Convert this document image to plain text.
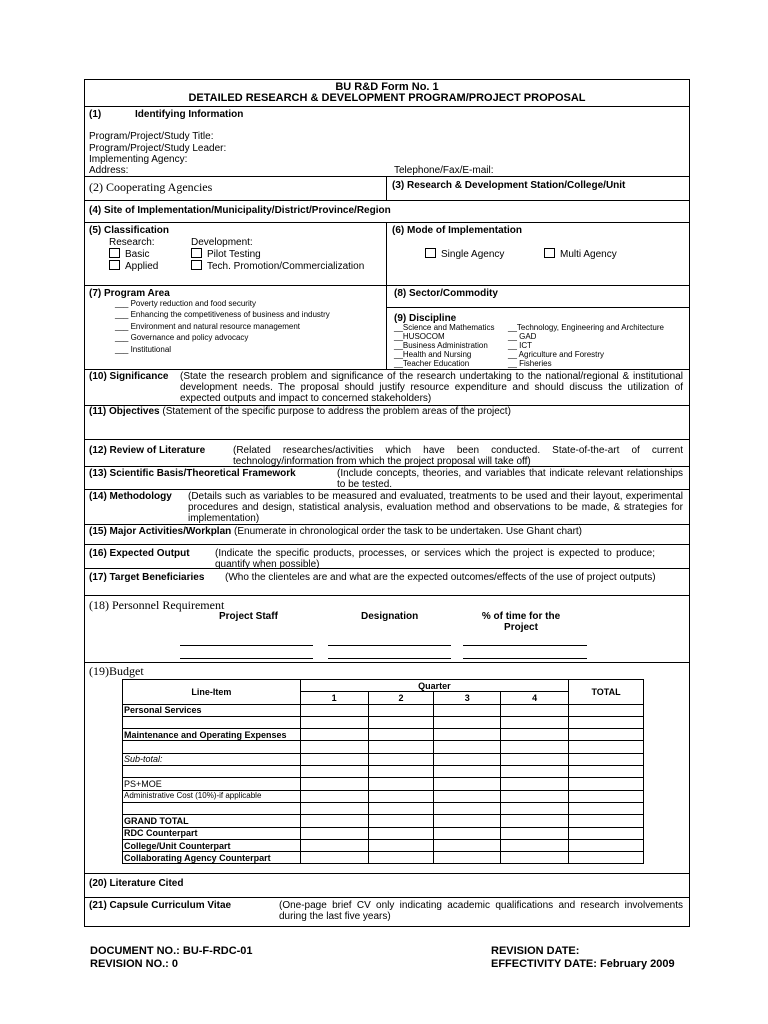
BU R&D Form No. 1
DETAILED RESEARCH & DEVELOPMENT PROGRAM/PROJECT PROPOSAL
(1)	Identifying Information
Program/Project/Study Title:
Program/Project/Study Leader:
Implementing Agency:
Address:	Telephone/Fax/E-mail:
(2) Cooperating Agencies	(3) Research & Development Station/College/Unit
(4) Site of Implementation/Municipality/District/Province/Region
(5) Classification
Research:	Development:
Basic
Applied
Pilot Testing
Tech. Promotion/Commercialization
(6) Mode of Implementation
Single Agency	Multi Agency
(7) Program Area
___ Poverty reduction and food security
___ Enhancing the competitiveness of business and industry
___ Environment and natural resource management
___ Governance and policy advocacy
___ Institutional
(8) Sector/Commodity
(9) Discipline
__Science and Mathematics
__HUSOCOM
__Business Administration
__Health and Nursing
__Teacher Education
__Technology, Engineering and Architecture
__ GAD
__ ICT
__ Agriculture and Forestry
__ Fisheries
(10) Significance (State the research problem and significance of the research undertaking to the national/regional & institutional development needs. The proposal should justify resource expenditure and should discuss the utilization of expected outputs and impact to concerned stakeholders)
(11) Objectives (Statement of the specific purpose to address the problem areas of the project)
(12) Review of Literature	(Related researches/activities which have been conducted. State-of-the-art of current technology/information from which the project proposal will take off)
(13) Scientific Basis/Theoretical Framework	(Include concepts, theories, and variables that indicate relevant relationships to be tested.
(14) Methodology (Details such as variables to be measured and evaluated, treatments to be used and their layout, experimental procedures and design, statistical analysis, evaluation method and observations to be made, & strategies for implementation)
(15) Major Activities/Workplan (Enumerate in chronological order the task to be undertaken. Use Ghant chart)
(16) Expected Output	(Indicate the specific products, processes, or services which the project is expected to produce; quantify when possible)
(17) Target Beneficiaries (Who the clienteles are and what are the expected outcomes/effects of the use of project outputs)
(18) Personnel Requirement
Project Staff	Designation	% of time for the Project
(19)Budget
Line-Item	Quarter				TOTAL
	1	2	3	4	
Personal Services					

Maintenance and Operating Expenses					

Sub-total:					

PS+MOE					
Administrative Cost (10%)-if applicable					

GRAND TOTAL					
RDC Counterpart					
College/Unit Counterpart					
Collaborating Agency Counterpart					
(20) Literature Cited
(21) Capsule Curriculum Vitae	(One-page brief CV only indicating academic qualifications and research involvements during the last five years)
DOCUMENT NO.: BU-F-RDC-01
REVISION NO.: 0
REVISION DATE:
EFFECTIVITY DATE: February 2009
